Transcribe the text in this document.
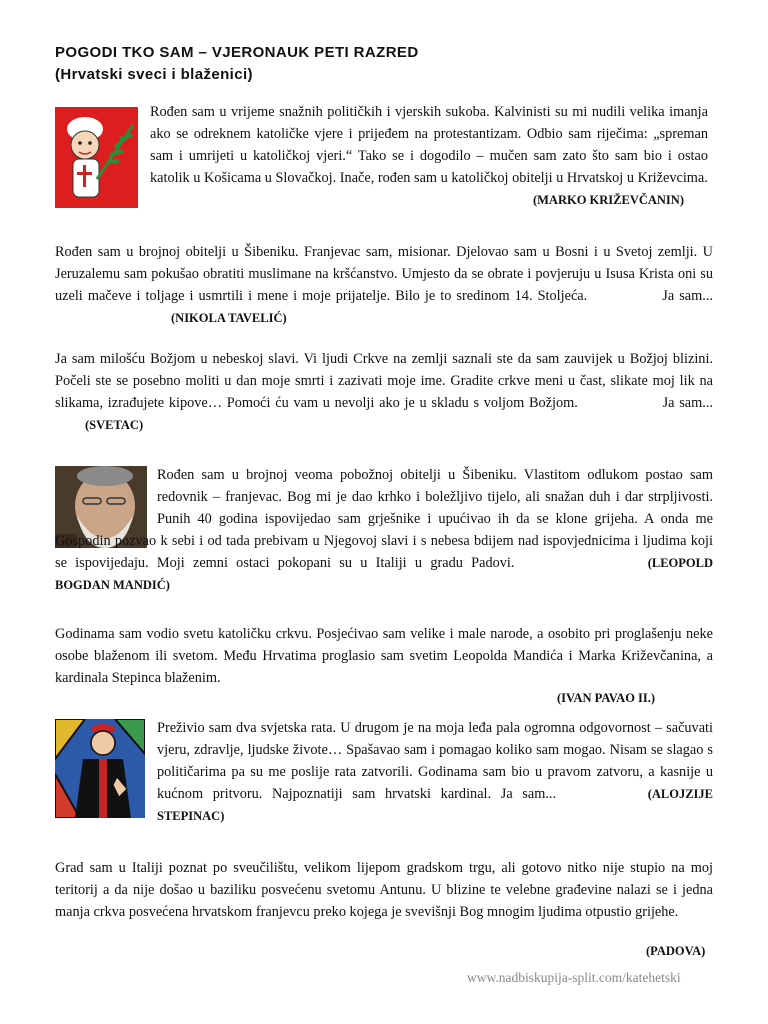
POGODI TKO SAM – VJERONAUK PETI RAZRED
(Hrvatski sveci i blaženici)

Rođen sam u vrijeme snažnih političkih i vjerskih sukoba. Kalvinisti su mi nudili velika imanja ako se odreknem katoličke vjere i prijeđem na protestantizam. Odbio sam riječima: „spreman sam i umrijeti u katoličkoj vjeri.“ Tako se i dogodilo – mučen sam zato što sam bio i ostao katolik u Košicama u Slovačkoj. Inače, rođen sam u katoličkoj obitelji u Hrvatskoj u Križevcima.
(MARKO KRIŽEVČANIN)

Rođen sam u brojnoj obitelji u Šibeniku. Franjevac sam, misionar. Djelovao sam u Bosni i u Svetoj zemlji. U Jeruzalemu sam pokušao obratiti muslimane na kršćanstvo. Umjesto da se obrate i povjeruju u Isusa Krista oni su uzeli mačeve i toljage i usmrtili i mene i moje prijatelje. Bilo je to sredinom 14. Stoljeća.	Ja sam... (NIKOLA TAVELIĆ)

Ja sam milošću Božjom u nebeskoj slavi. Vi ljudi Crkve na zemlji saznali ste da sam zauvijek u Božjoj blizini. Počeli ste se posebno moliti u dan moje smrti i zazivati moje ime. Gradite crkve meni u čast, slikate moj lik na slikama, izrađujete kipove… Pomoći ću vam u nevolji ako je u skladu s voljom Božjom.	Ja sam... (SVETAC)

Rođen sam u brojnoj veoma pobožnoj obitelji u Šibeniku. Vlastitom odlukom postao sam redovnik – franjevac. Bog mi je dao krhko i boležljivo tijelo, ali snažan duh i dar strpljivosti. Punih 40 godina ispovijedao sam grješnike i upućivao ih da se klone grijeha. A onda me Gospodin pozvao k sebi i od tada prebivam u Njegovoj slavi i s nebesa bdijem nad ispovjednicima i ljudima koji se ispovijedaju. Moji zemni ostaci pokopani su u Italiji u gradu Padovi.	(LEOPOLD BOGDAN MANDIĆ)

Godinama sam vodio svetu katoličku crkvu. Posjećivao sam velike i male narode, a osobito pri proglašenju neke osobe blaženom ili svetom. Među Hrvatima proglasio sam svetim Leopolda Mandića i Marka Križevčanina, a kardinala Stepinca blaženim.

(IVAN PAVAO II.)

Preživio sam dva svjetska rata. U drugom je na moja leđa pala ogromna odgovornost – sačuvati vjeru, zdravlje, ljudske živote… Spašavao sam i pomagao koliko sam mogao. Nisam se slagao s političarima pa su me poslije rata zatvorili. Godinama sam bio u pravom zatvoru, a kasnije u kućnom pritvoru. Najpoznatiji sam hrvatski kardinal. Ja sam...	(ALOJZIJE STEPINAC)

Grad sam u Italiji poznat po sveučilištu, velikom lijepom gradskom trgu, ali gotovo nitko nije stupio na moj teritorij a da nije došao u baziliku posvećenu svetomu Antunu. U blizine te velebne građevine nalazi se i jedna manja crkva posvećena hrvatskom franjevcu preko kojega je svevišnji Bog mnogim ljudima otpustio grijehe.

(PADOVA)
www.nadbiskupija-split.com/katehetski
